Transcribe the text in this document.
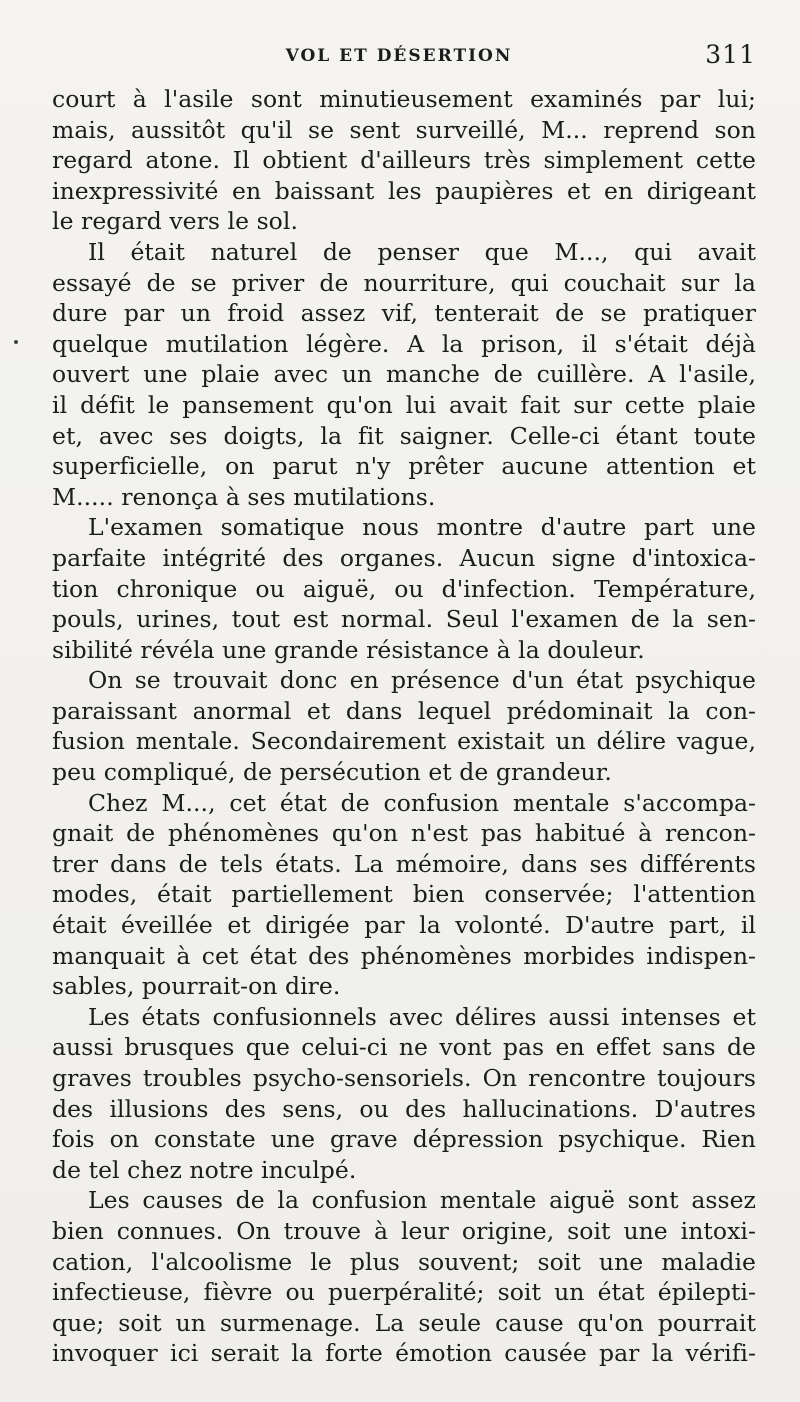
VOL ET DÉSERTION	311
court à l'asile sont minutieusement examinés par lui;
mais, aussitôt qu'il se sent surveillé, M... reprend son
regard atone. Il obtient d'ailleurs très simplement cette
inexpressivité en baissant les paupières et en dirigeant
le regard vers le sol.
Il était naturel de penser que M..., qui avait
essayé de se priver de nourriture, qui couchait sur la
dure par un froid assez vif, tenterait de se pratiquer
quelque mutilation légère. A la prison, il s'était déjà
ouvert une plaie avec un manche de cuillère. A l'asile,
il défit le pansement qu'on lui avait fait sur cette plaie
et, avec ses doigts, la fit saigner. Celle-ci étant toute
superficielle, on parut n'y prêter aucune attention et
M..... renonça à ses mutilations.
L'examen somatique nous montre d'autre part une
parfaite intégrité des organes. Aucun signe d'intoxica-
tion chronique ou aiguë, ou d'infection. Température,
pouls, urines, tout est normal. Seul l'examen de la sen-
sibilité révéla une grande résistance à la douleur.
On se trouvait donc en présence d'un état psychique
paraissant anormal et dans lequel prédominait la con-
fusion mentale. Secondairement existait un délire vague,
peu compliqué, de persécution et de grandeur.
Chez M..., cet état de confusion mentale s'accompa-
gnait de phénomènes qu'on n'est pas habitué à rencon-
trer dans de tels états. La mémoire, dans ses différents
modes, était partiellement bien conservée; l'attention
était éveillée et dirigée par la volonté. D'autre part, il
manquait à cet état des phénomènes morbides indispen-
sables, pourrait-on dire.
Les états confusionnels avec délires aussi intenses et
aussi brusques que celui-ci ne vont pas en effet sans de
graves troubles psycho-sensoriels. On rencontre toujours
des illusions des sens, ou des hallucinations. D'autres
fois on constate une grave dépression psychique. Rien
de tel chez notre inculpé.
Les causes de la confusion mentale aiguë sont assez
bien connues. On trouve à leur origine, soit une intoxi-
cation, l'alcoolisme le plus souvent; soit une maladie
infectieuse, fièvre ou puerpéralité; soit un état épilepti-
que; soit un surmenage. La seule cause qu'on pourrait
invoquer ici serait la forte émotion causée par la vérifi-
